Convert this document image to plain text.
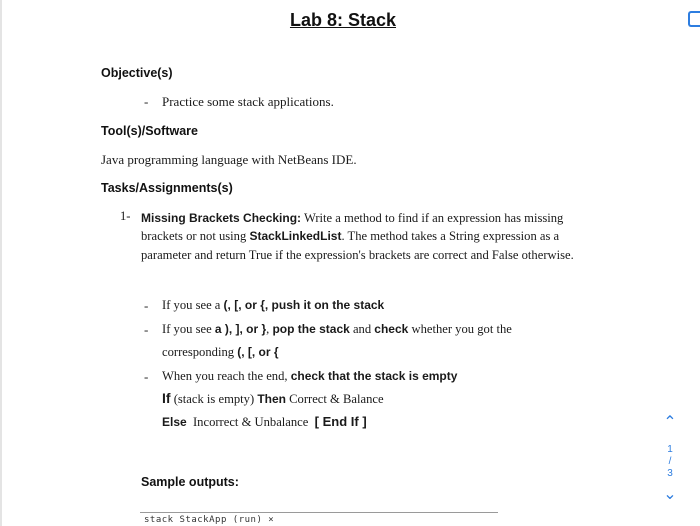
Lab 8: Stack
Objective(s)
- Practice some stack applications.
Tool(s)/Software
Java programming language with NetBeans IDE.
Tasks/Assignments(s)
1- Missing Brackets Checking: Write a method to find if an expression has missing brackets or not using StackLinkedList. The method takes a String expression as a parameter and return True if the expression's brackets are correct and False otherwise.
- If you see a (, [, or {, push it on the stack
- If you see a ), ], or }, pop the stack and check whether you got the
corresponding (, [, or {
- When you reach the end, check that the stack is empty
If (stack is empty) Then Correct & Balance
Else  Incorrect & Unbalance  [ End If ]
Sample outputs:
stack StackApp (run) ×
⌃
1
/
3
⌄
